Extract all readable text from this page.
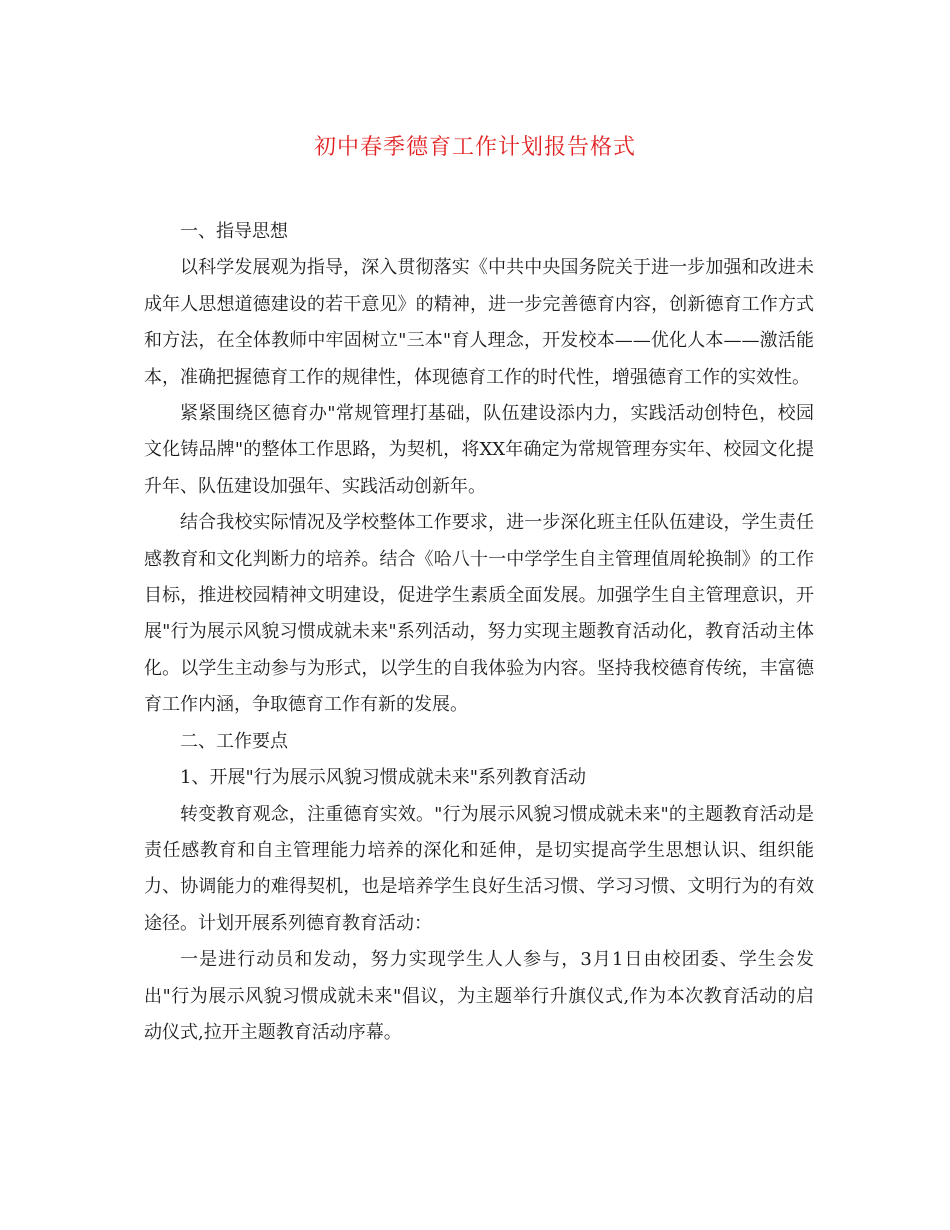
初中春季德育工作计划报告格式

一、指导思想

以科学发展观为指导，深入贯彻落实《中共中央国务院关于进一步加强和改进未成年人思想道德建设的若干意见》的精神，进一步完善德育内容，创新德育工作方式和方法，在全体教师中牢固树立"三本"育人理念，开发校本——优化人本——激活能本，准确把握德育工作的规律性，体现德育工作的时代性，增强德育工作的实效性。

紧紧围绕区德育办"常规管理打基础，队伍建设添内力，实践活动创特色，校园文化铸品牌"的整体工作思路，为契机，将XX年确定为常规管理夯实年、校园文化提升年、队伍建设加强年、实践活动创新年。

结合我校实际情况及学校整体工作要求，进一步深化班主任队伍建设，学生责任感教育和文化判断力的培养。结合《哈八十一中学学生自主管理值周轮换制》的工作目标，推进校园精神文明建设，促进学生素质全面发展。加强学生自主管理意识，开展"行为展示风貌习惯成就未来"系列活动，努力实现主题教育活动化，教育活动主体化。以学生主动参与为形式，以学生的自我体验为内容。坚持我校德育传统，丰富德育工作内涵，争取德育工作有新的发展。

二、工作要点

1、开展"行为展示风貌习惯成就未来"系列教育活动

转变教育观念，注重德育实效。"行为展示风貌习惯成就未来"的主题教育活动是责任感教育和自主管理能力培养的深化和延伸，是切实提高学生思想认识、组织能力、协调能力的难得契机，也是培养学生良好生活习惯、学习习惯、文明行为的有效途径。计划开展系列德育教育活动：

一是进行动员和发动，努力实现学生人人参与，3月1日由校团委、学生会发出"行为展示风貌习惯成就未来"倡议，为主题举行升旗仪式,作为本次教育活动的启动仪式,拉开主题教育活动序幕。
